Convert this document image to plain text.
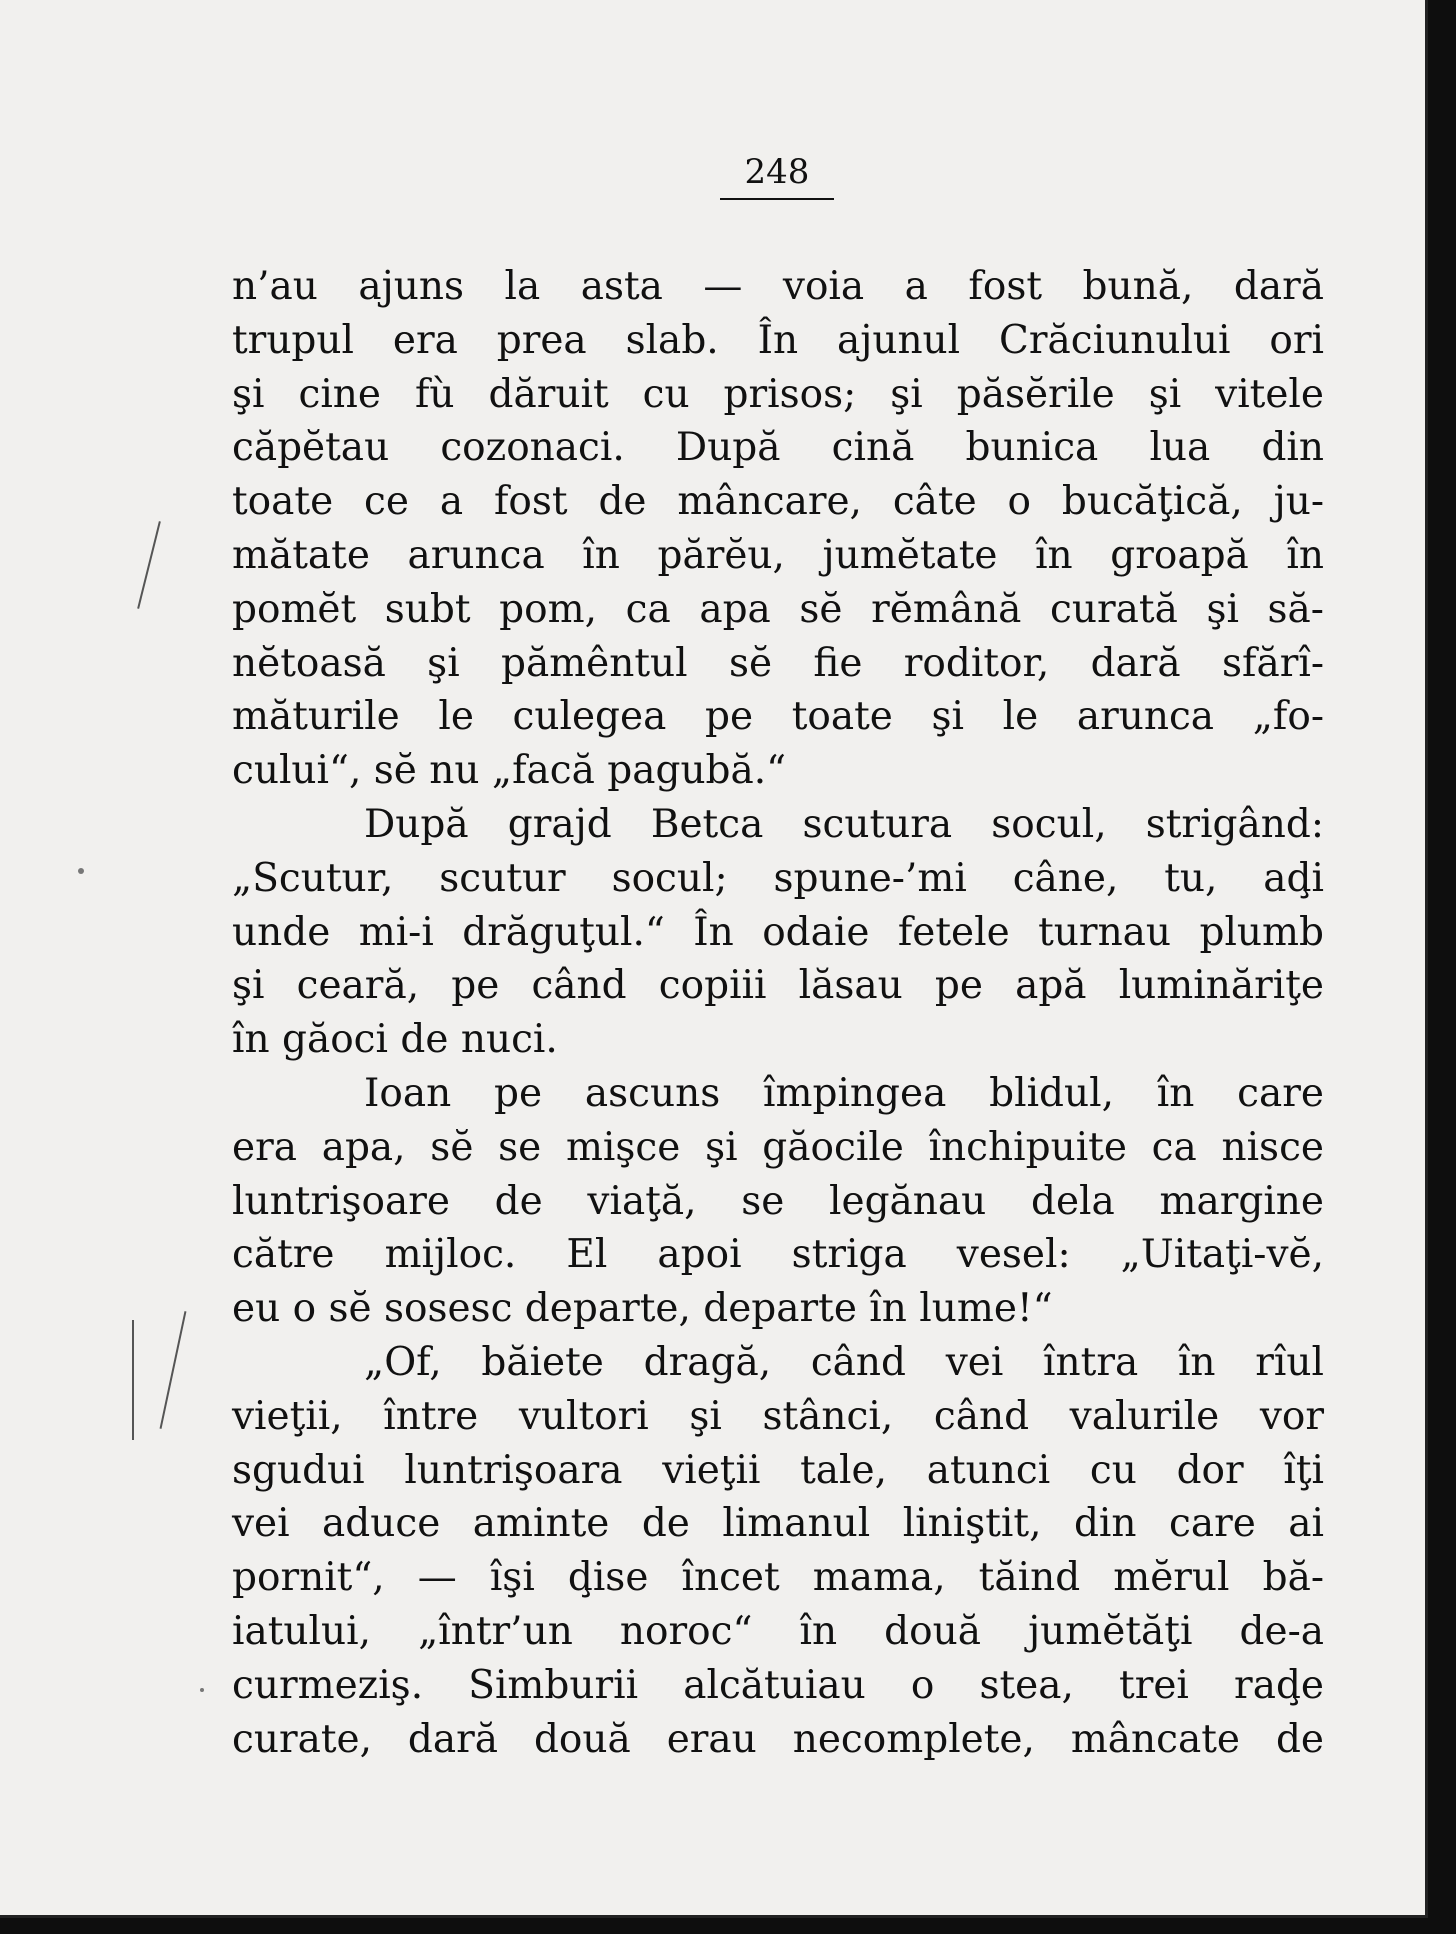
248
n’au ajuns la asta — voia a fost bună, dară
trupul era prea slab. În ajunul Crăciunului ori
şi cine fù dăruit cu prisos; şi păsĕrile şi vitele
căpĕtau cozonaci. După cină bunica lua din
toate ce a fost de mâncare, câte o bucăţică, ju-
mătate arunca în părĕu, jumĕtate în groapă în
pomĕt subt pom, ca apa sĕ rĕmână curată şi să-
nĕtoasă şi pămêntul sĕ fie roditor, dară sfărî-
măturile le culegea pe toate şi le arunca „fo-
cului“, sĕ nu „facă pagubă.“
După grajd Betca scutura socul, strigând:
„Scutur, scutur socul; spune-’mi câne, tu, aḑi
unde mi-i drăguţul.“ În odaie fetele turnau plumb
şi ceară, pe când copiii lăsau pe apă luminăriţe
în găoci de nuci.
Ioan pe ascuns împingea blidul, în care
era apa, sĕ se mişce şi găocile închipuite ca nisce
luntrişoare de viaţă, se legănau dela margine
către mijloc. El apoi striga vesel: „Uitaţi-vĕ,
eu o sĕ sosesc departe, departe în lume!“
„Of, băiete dragă, când vei întra în rîul
vieţii, între vultori şi stânci, când valurile vor
sgudui luntrişoara vieţii tale, atunci cu dor îţi
vei aduce aminte de limanul liniştit, din care ai
pornit“, — îşi ḑise încet mama, tăind mĕrul bă-
iatului, „într’un noroc“ în două jumĕtăţi de-a
curmeziş. Simburii alcătuiau o stea, trei raḑe
curate, dară două erau necomplete, mâncate de
